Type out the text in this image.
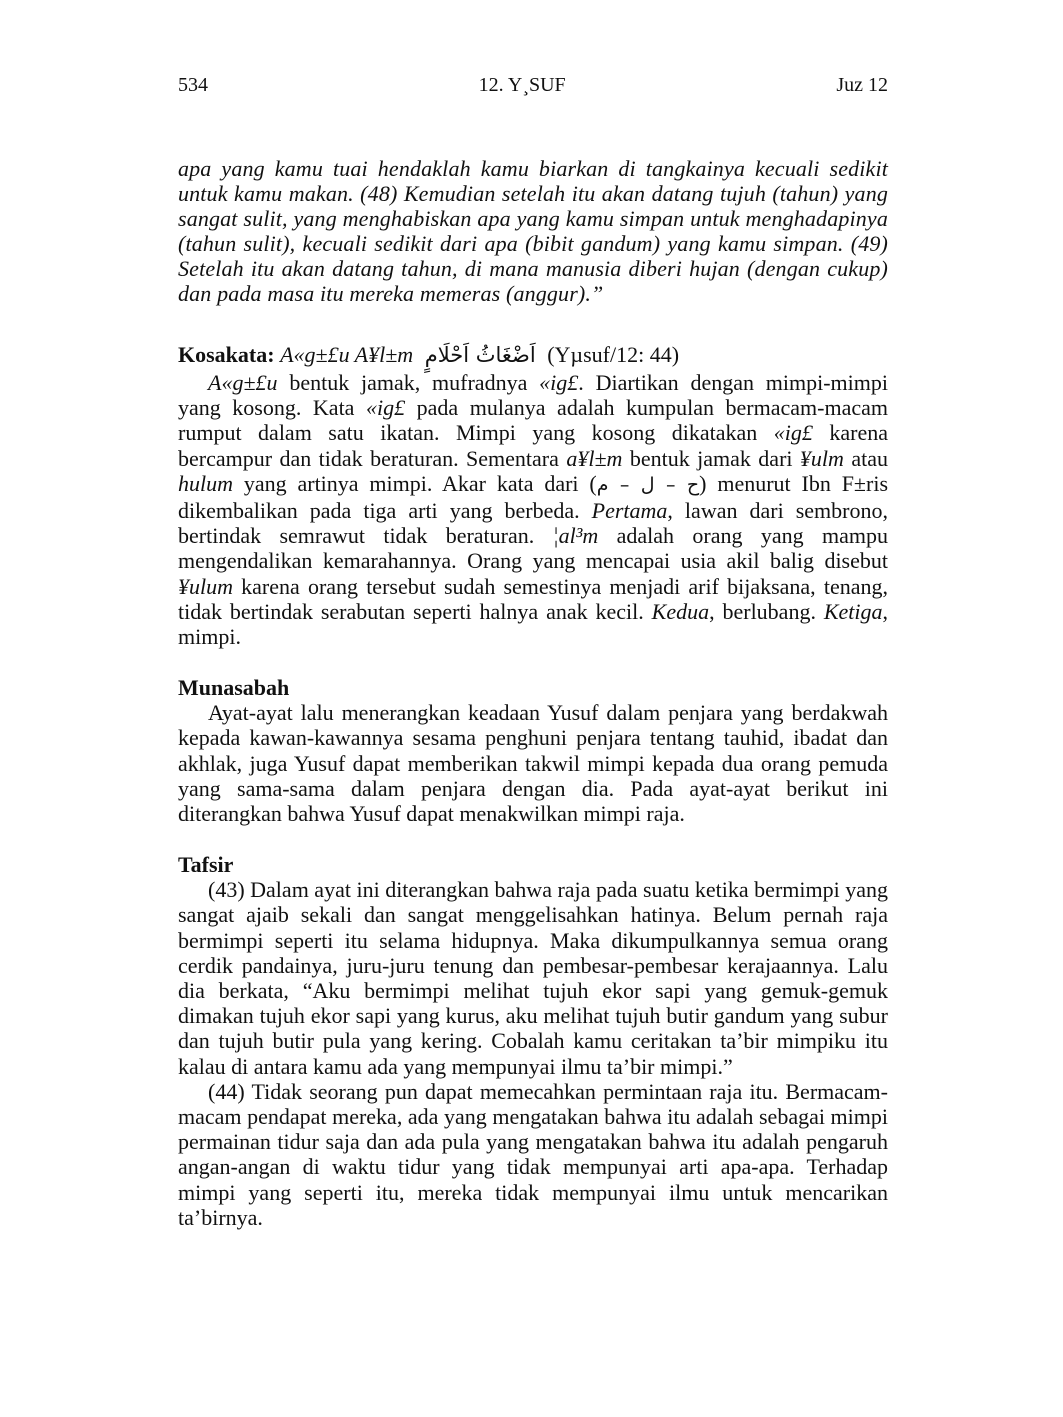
534	12. Y¸SUF	Juz 12
apa yang kamu tuai hendaklah kamu biarkan di tangkainya kecuali sedikit untuk kamu makan. (48) Kemudian setelah itu akan datang tujuh (tahun) yang sangat sulit, yang menghabiskan apa yang kamu simpan untuk menghadapinya (tahun sulit), kecuali sedikit dari apa (bibit gandum) yang kamu simpan. (49) Setelah itu akan datang tahun, di mana manusia diberi hujan (dengan cukup) dan pada masa itu mereka memeras (anggur).”
Kosakata: A«g±£u A¥l±m اَضْغَاثُ اَحْلَامٍ (Yµsuf/12: 44)

A«g±£u bentuk jamak, mufradnya «ig£. Diartikan dengan mimpi-mimpi yang kosong. Kata «ig£ pada mulanya adalah kumpulan bermacam-macam rumput dalam satu ikatan. Mimpi yang kosong dikatakan «ig£ karena bercampur dan tidak beraturan. Sementara a¥l±m bentuk jamak dari ¥ulm atau hulum yang artinya mimpi. Akar kata dari (ح – ل – م) menurut Ibn F±ris dikembalikan pada tiga arti yang berbeda. Pertama, lawan dari sembrono, bertindak semrawut tidak beraturan. ¦al³m adalah orang yang mampu mengendalikan kemarahannya. Orang yang mencapai usia akil balig disebut ¥ulum karena orang tersebut sudah semestinya menjadi arif bijaksana, tenang, tidak bertindak serabutan seperti halnya anak kecil. Kedua, berlubang. Ketiga, mimpi.

Munasabah

Ayat-ayat lalu menerangkan keadaan Yusuf dalam penjara yang berdakwah kepada kawan-kawannya sesama penghuni penjara tentang tauhid, ibadat dan akhlak, juga Yusuf dapat memberikan takwil mimpi kepada dua orang pemuda yang sama-sama dalam penjara dengan dia. Pada ayat-ayat berikut ini diterangkan bahwa Yusuf dapat menakwilkan mimpi raja.

Tafsir

(43) Dalam ayat ini diterangkan bahwa raja pada suatu ketika bermimpi yang sangat ajaib sekali dan sangat menggelisahkan hatinya. Belum pernah raja bermimpi seperti itu selama hidupnya. Maka dikumpulkannya semua orang cerdik pandainya, juru-juru tenung dan pembesar-pembesar kerajaannya. Lalu dia berkata, “Aku bermimpi melihat tujuh ekor sapi yang gemuk-gemuk dimakan tujuh ekor sapi yang kurus, aku melihat tujuh butir gandum yang subur dan tujuh butir pula yang kering. Cobalah kamu ceritakan ta’bir mimpiku itu kalau di antara kamu ada yang mempunyai ilmu ta’bir mimpi.”

(44) Tidak seorang pun dapat memecahkan permintaan raja itu. Bermacam-macam pendapat mereka, ada yang mengatakan bahwa itu adalah sebagai mimpi permainan tidur saja dan ada pula yang mengatakan bahwa itu adalah pengaruh angan-angan di waktu tidur yang tidak mempunyai arti apa-apa. Terhadap mimpi yang seperti itu, mereka tidak mempunyai ilmu untuk mencarikan ta’birnya.
